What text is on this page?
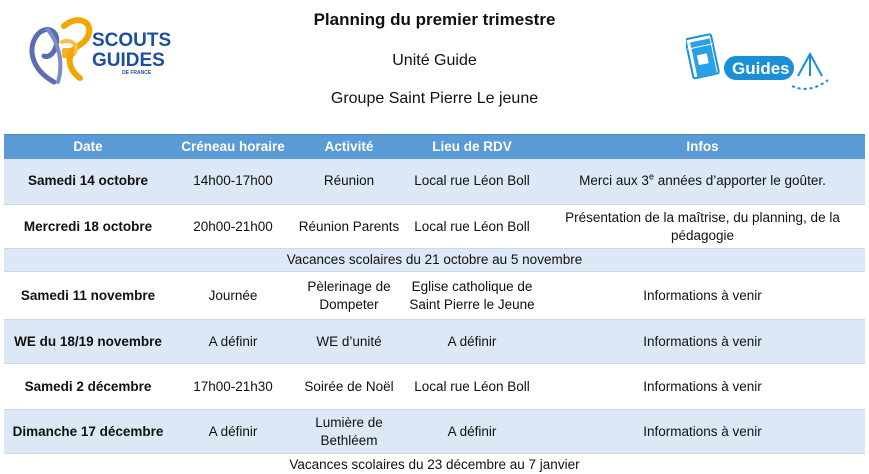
SCOUTS
GUIDES
DE FRANCE
Planning du premier trimestre
Unité Guide
Groupe Saint Pierre Le jeune
Guides
Date	Créneau horaire	Activité	Lieu de RDV	Infos
Samedi 14 octobre	14h00-17h00	Réunion	Local rue Léon Boll	Merci aux 3e années d’apporter le goûter.
Mercredi 18 octobre	20h00-21h00	Réunion Parents	Local rue Léon Boll	Présentation de la maîtrise, du planning, de la pédagogie
Vacances scolaires du 21 octobre au 5 novembre				
Samedi 11 novembre	Journée	Pèlerinage de Dompeter	Eglise catholique de Saint Pierre le Jeune	Informations à venir
WE du 18/19 novembre	A définir	WE d’unité	A définir	Informations à venir
Samedi 2 décembre	17h00-21h30	Soirée de Noël	Local rue Léon Boll	Informations à venir
Dimanche 17 décembre	A définir	Lumière de Bethléem	A définir	Informations à venir
Vacances scolaires du 23 décembre au 7 janvier				
